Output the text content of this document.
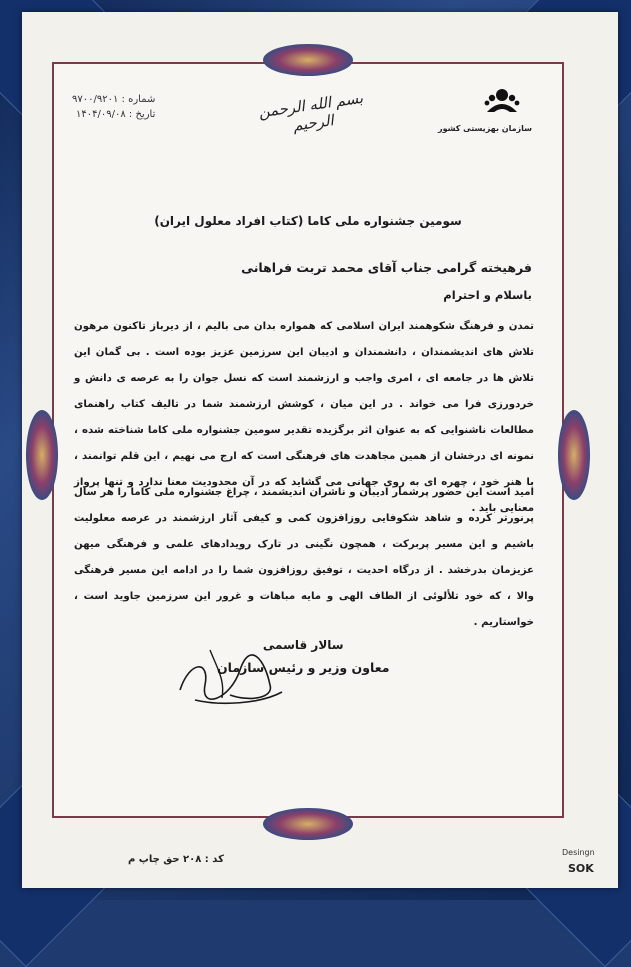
شماره : ۹۷۰۰/۹۲۰۱
تاریخ : ۱۴۰۴/۰۹/۰۸	بسم الله الرحمن الرحیم	سازمان بهزیستی کشور
سومین جشنواره ملی کاما (کتاب افراد معلول ایران)
فرهیخته گرامی جناب آقای محمد تربت فراهانی
باسلام و احترام
تمدن و فرهنگ شکوهمند ایران اسلامی که همواره بدان می بالیم ، از دیرباز تاکنون مرهون تلاش های اندیشمندان ، دانشمندان و ادیبان این سرزمین عزیز بوده است . بی گمان این تلاش ها در جامعه ای ، امری واجب و ارزشمند است که نسل جوان را به عرصه ی دانش و خردورزی فرا می خواند . در این میان ، کوشش ارزشمند شما در تالیف کتاب راهنمای مطالعات ناشنوایی که به عنوان اثر برگزیده تقدیر سومین جشنواره ملی کاما شناخته شده ، نمونه ای درخشان از همین مجاهدت های فرهنگی است که ارج می نهیم ، این قلم توانمند ، با هنر خود ، چهره ای به روی جهانی می گشاید که در آن محدودیت معنا ندارد و تنها پرواز معنایی باید .
امید است این حضور پرشمار ادیبان و ناشران اندیشمند ، چراغ جشنواره ملی کاما را هر سال پرنورتر کرده و شاهد شکوفایی روزافزون کمی و کیفی آثار ارزشمند در عرصه معلولیت باشیم و این مسیر پربرکت ، همچون نگینی در تارک رویدادهای علمی و فرهنگی میهن عزیزمان بدرخشد . از درگاه احدیت ، توفیق روزافزون شما را در ادامه این مسیر فرهنگی والا ، که خود تلألوئی از الطاف الهی و مایه مباهات و غرور این سرزمین جاوید است ، خواستاریم .
سالار قاسمی
معاون وزیر و رئیس سازمان
کد : ۲۰۸ حق چاپ م
Desingn
SOK
